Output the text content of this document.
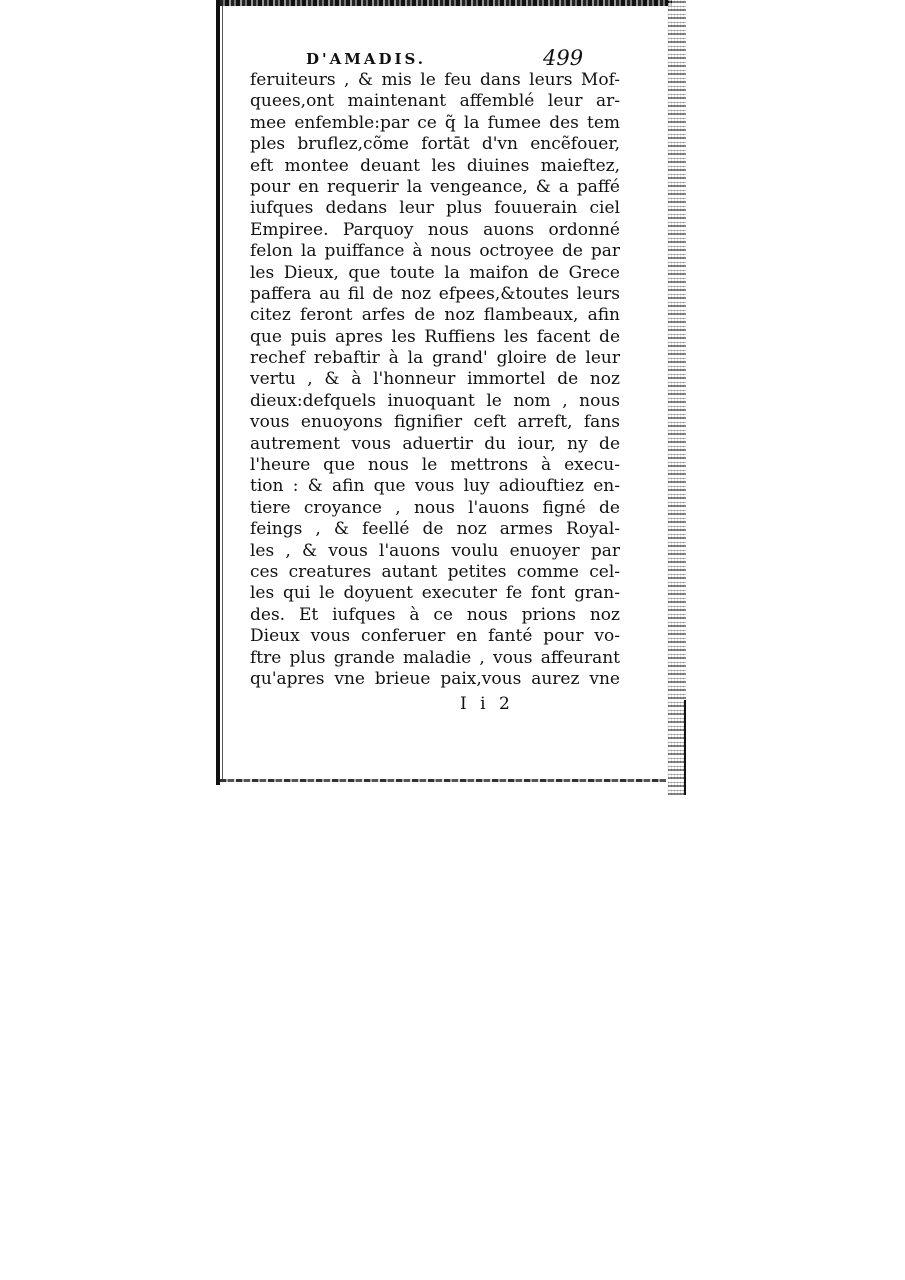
D'AMADIS.	499
feruiteurs , & mis le feu dans leurs Mof-
quees,ont maintenant affemblé leur ar-
mee enfemble:par ce q̃ la fumee des tem
ples bruflez,cõme fortāt d'vn encẽfouer,
eft montee deuant les diuines maieftez,
pour en requerir la vengeance, & a paffé
iufques dedans leur plus fouuerain ciel
Empiree. Parquoy nous auons ordonné
felon la puiffance à nous octroyee de par
les Dieux, que toute la maifon de Grece
paffera au fil de noz efpees,&toutes leurs
citez feront arfes de noz flambeaux, afin
que puis apres les Ruffiens les facent de
rechef rebaftir à la grand' gloire de leur
vertu , & à l'honneur immortel de noz
dieux:defquels inuoquant le nom , nous
vous enuoyons fignifier ceft arreft, fans
autrement vous aduertir du iour, ny de
l'heure que nous le mettrons à execu-
tion : & afin que vous luy adiouftiez en-
tiere croyance , nous l'auons figné de
feings , & feellé de noz armes Royal-
les , & vous l'auons voulu enuoyer par
ces creatures autant petites comme cel-
les qui le doyuent executer fe font gran-
des. Et iufques à ce nous prions noz
Dieux vous conferuer en fanté pour vo-
ftre plus grande maladie , vous affeurant
qu'apres vne brieue paix,vous aurez vne
I i 2
